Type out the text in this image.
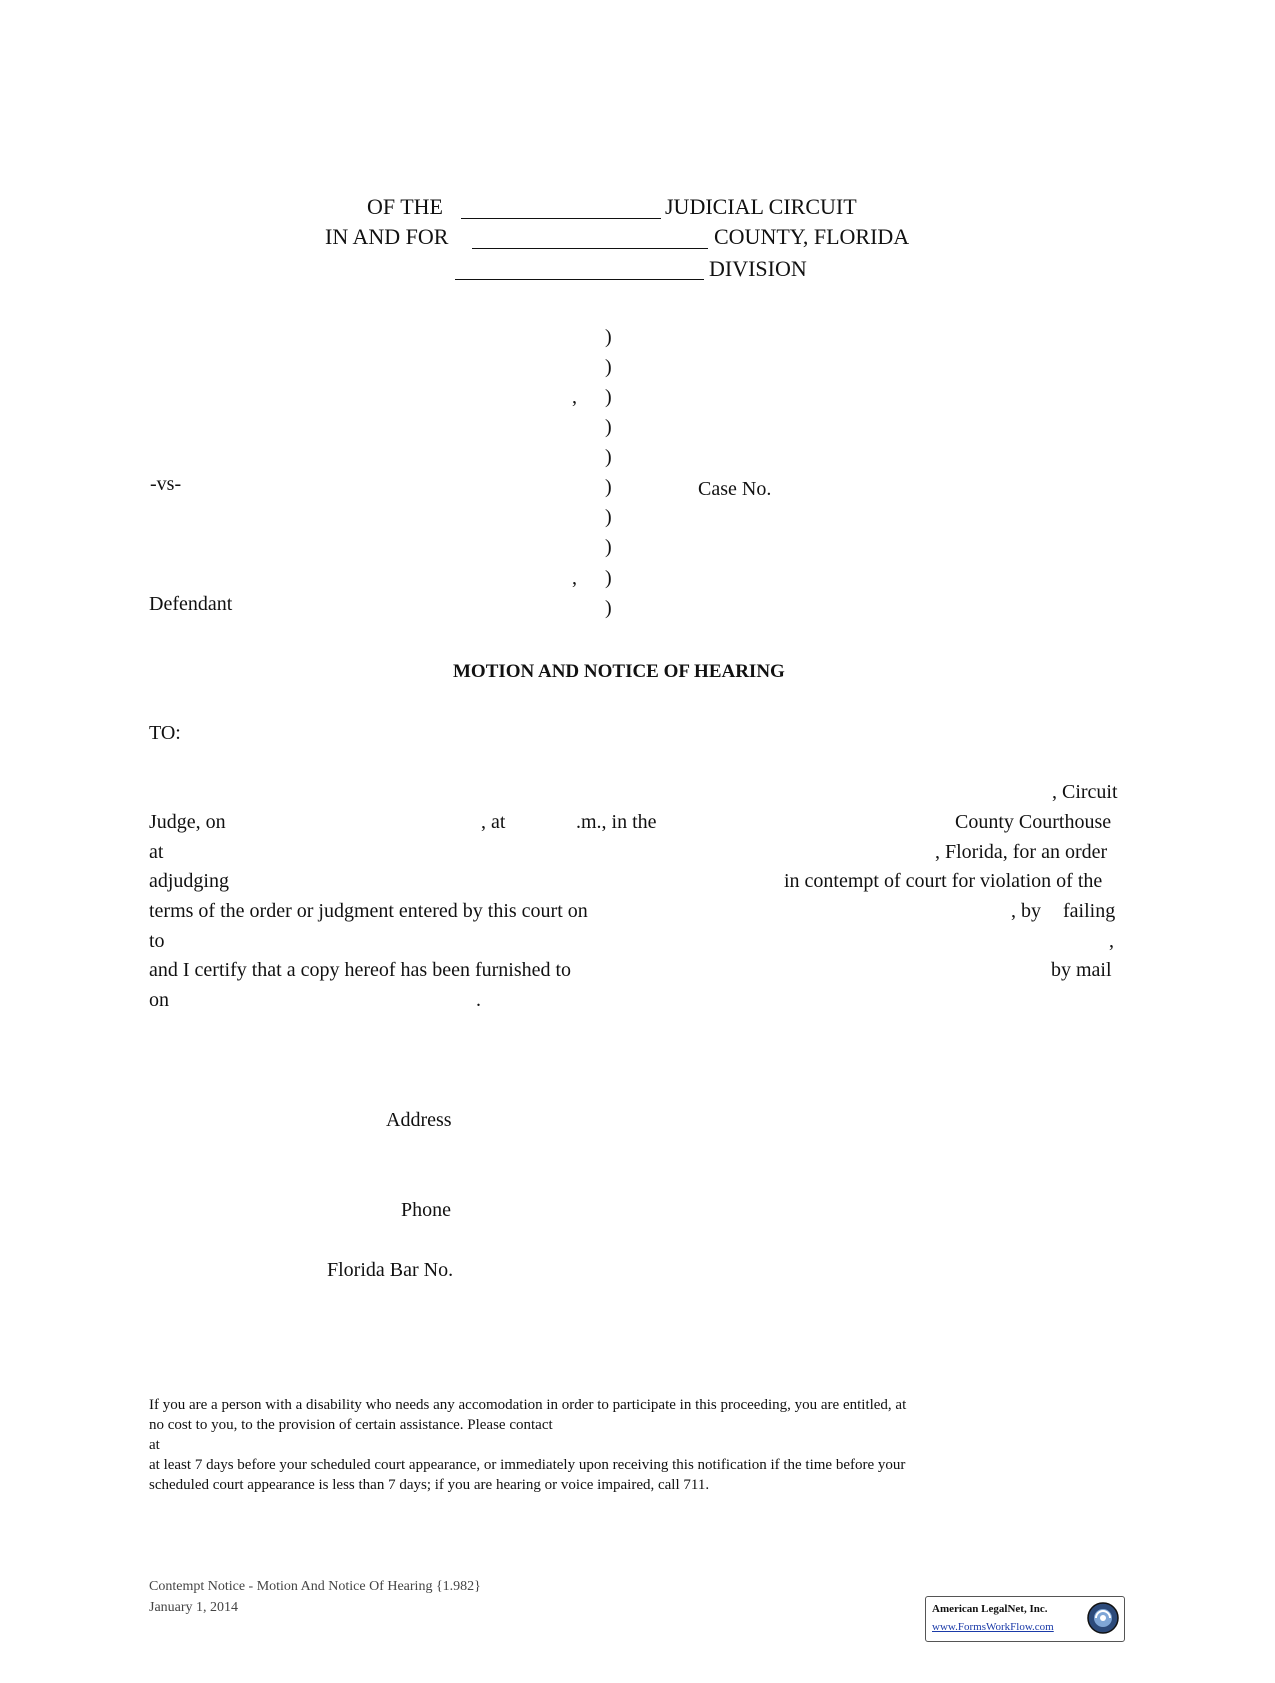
OF THE	JUDICIAL CIRCUIT
IN AND FOR	COUNTY, FLORIDA
DIVISION
)
)
, )
)
)
)
)
)
, )
)
-vs-	Case No.
Defendant
MOTION AND NOTICE OF HEARING
TO:
, Circuit
Judge, on	, at	.m., in the	County Courthouse
at	, Florida, for an order
adjudging	in contempt of court for violation of the
terms of the order or judgment entered by this court on	, by failing
to	,
and I certify that a copy hereof has been furnished to	by mail
on	.
Address
Phone
Florida Bar No.
If you are a person with a disability who needs any accomodation in order to participate in this proceeding, you are entitled, at
no cost to you, to the provision of certain assistance. Please contact
at
at least 7 days before your scheduled court appearance, or immediately upon receiving this notification if the time before your
scheduled court appearance is less than 7 days; if you are hearing or voice impaired, call 711.
Contempt Notice - Motion And Notice Of Hearing {1.982}
January 1, 2014	American LegalNet, Inc.
www.FormsWorkFlow.com
